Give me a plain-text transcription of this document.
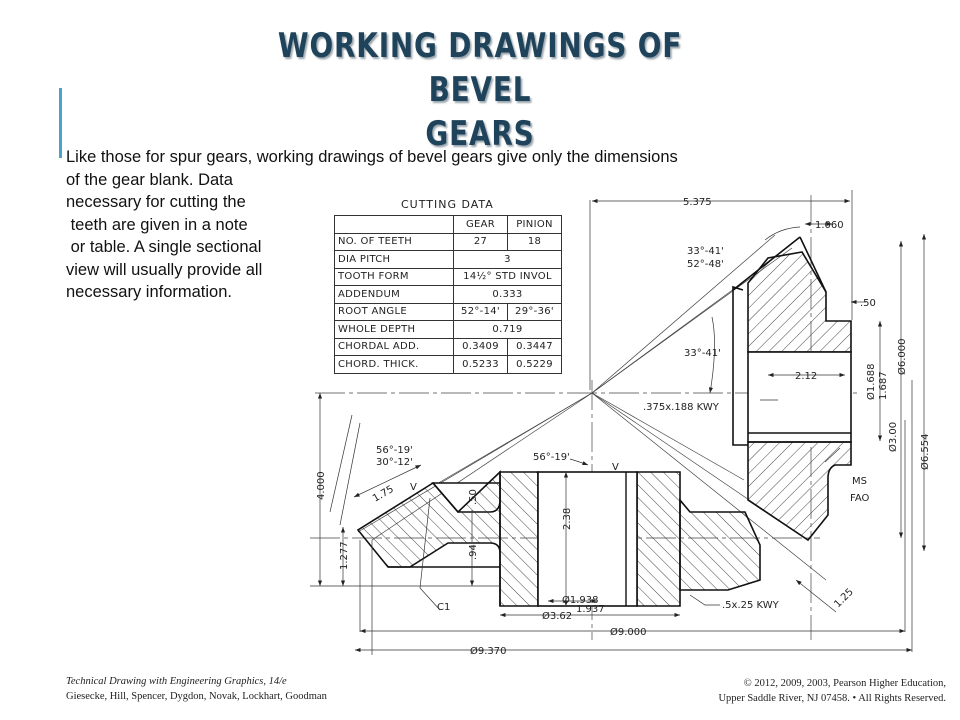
WORKING DRAWINGS OF BEVEL
GEARS
Like those for spur gears, working drawings of bevel gears give only the dimensions
of the gear blank. Data
necessary for cutting the
teeth are given in a note
or table. A single sectional
view will usually provide all
necessary information.
5.375
1.060
33°-41'
52°-48'
.50
33°-41'
2.12
.375x.188 KWY
MS
FAO
Ø1.688 1.687
Ø3.00
Ø6.000
Ø6.554
56°-19'
30°-12'	56°-19'
4.000	1.75	.50
2.38
.94
1.277
C1
Ø1.938
1.937
Ø3.62
.5x.25 KWY	1.25
Ø9.000
Ø9.370
V
V
CUTTING DATA
	GEAR	PINION
NO. OF TEETH	27	18
DIA PITCH	3	
TOOTH FORM	14½° STD INVOL	
ADDENDUM	0.333	
ROOT ANGLE	52°-14'	29°-36'
WHOLE DEPTH	0.719	
CHORDAL ADD.	0.3409	0.3447
CHORD. THICK.	0.5233	0.5229
Technical Drawing with Engineering Graphics, 14/e
Giesecke, Hill, Spencer, Dygdon, Novak, Lockhart, Goodman
© 2012, 2009, 2003, Pearson Higher Education,
Upper Saddle River, NJ 07458. • All Rights Reserved.
